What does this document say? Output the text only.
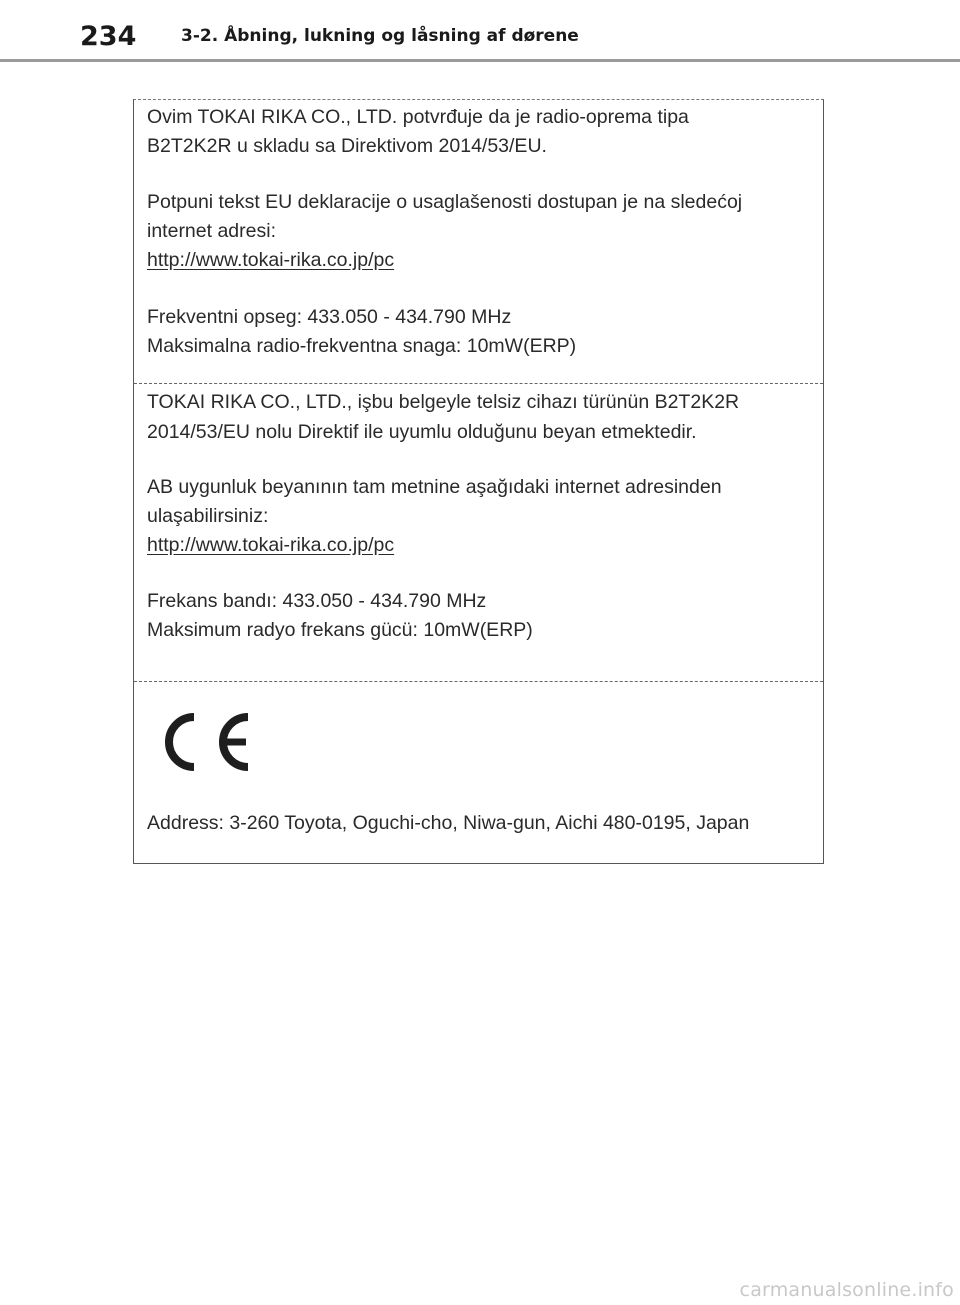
234	3-2. Åbning, lukning og låsning af dørene

Ovim TOKAI RIKA CO., LTD. potvrđuje da je radio-oprema tipa

B2T2K2R u skladu sa Direktivom 2014/53/EU.

Potpuni tekst EU deklaracije o usaglašenosti dostupan je na sledećoj

internet adresi:

http://www.tokai-rika.co.jp/pc

Frekventni opseg: 433.050 - 434.790 MHz

Maksimalna radio-frekventna snaga: 10mW(ERP)

TOKAI RIKA CO., LTD., işbu belgeyle telsiz cihazı türünün B2T2K2R

2014/53/EU nolu Direktif ile uyumlu olduğunu beyan etmektedir.

AB uygunluk beyanının tam metnine aşağıdaki internet adresinden

ulaşabilirsiniz:

http://www.tokai-rika.co.jp/pc

Frekans bandı: 433.050 - 434.790 MHz

Maksimum radyo frekans gücü: 10mW(ERP)

Address: 3-260 Toyota, Oguchi-cho, Niwa-gun, Aichi 480-0195, Japan
carmanualsonline.info
